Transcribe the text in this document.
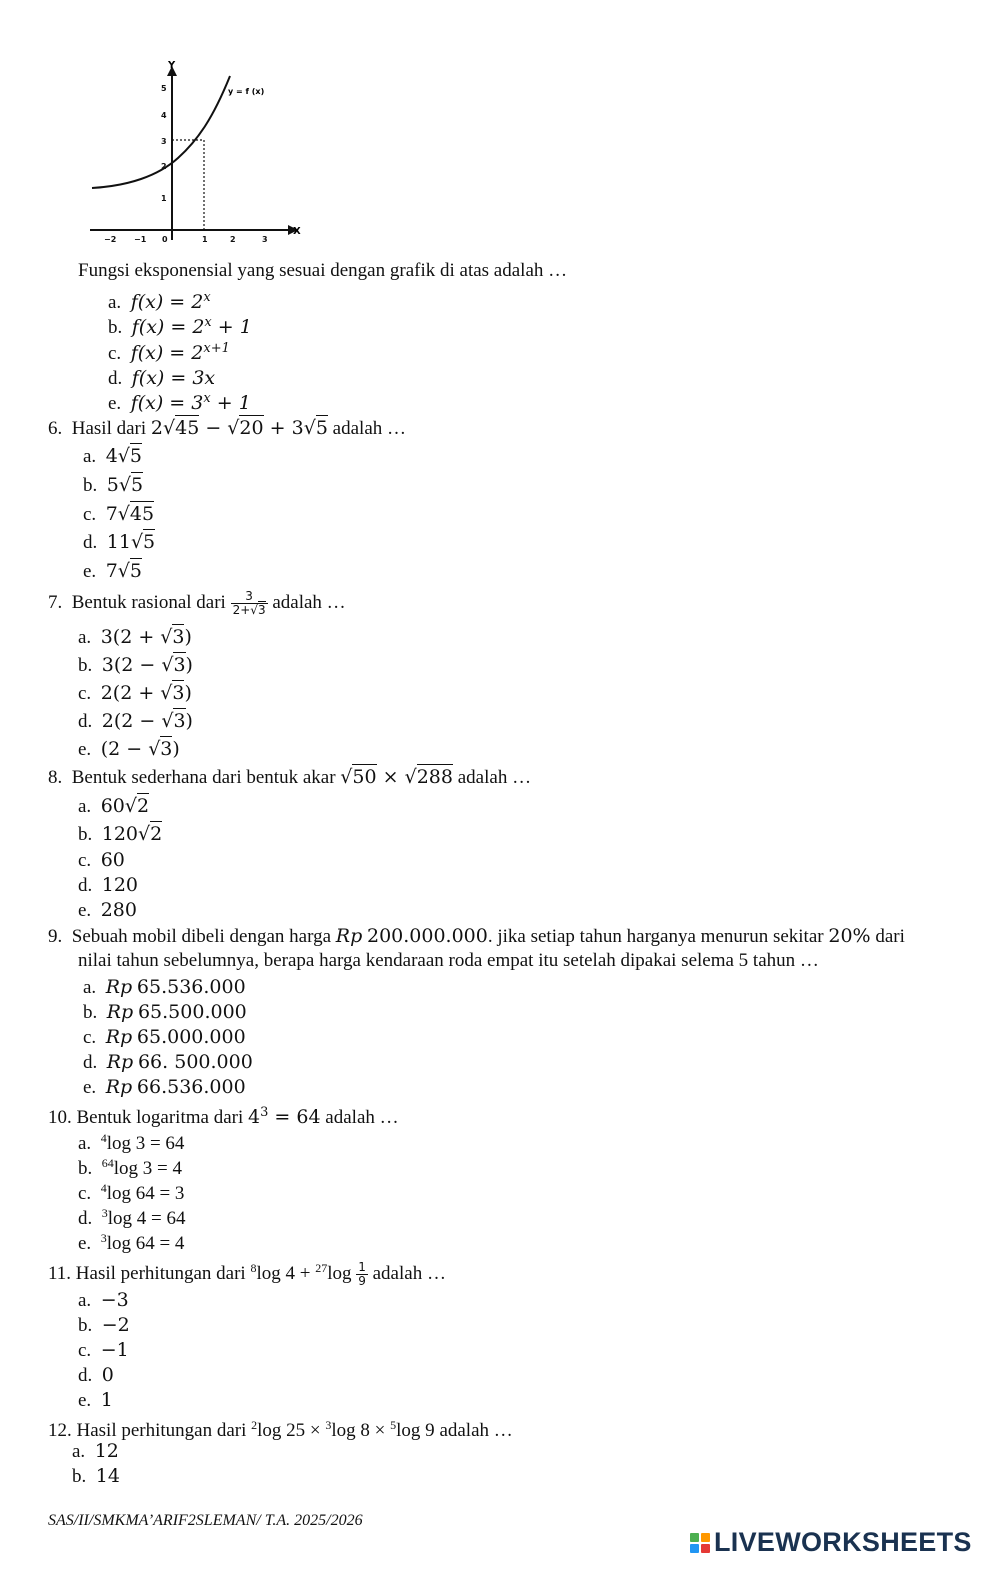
Y
X
y = f (x)
5
4
3
2
1
−2 −1 0	1	2	3
Fungsi eksponensial yang sesuai dengan grafik di atas adalah …
a. $f(x) = 2^x$
b. $f(x) = 2^x + 1$
c. $f(x) = 2^{x+1}$
d. f(x) = 3x
e. $f(x) = 3^x + 1$
6. Hasil dari 2√45 − √20 + 3√5 adalah …
a. 4√5
b. 5√5
c. 7√45
d. 11√5
e. 7√5
7. Bentuk rasional dari $\frac{3}{2+√3}$ adalah …
a. 3(2 + √3)
b. 3(2 − √3)
c. 2(2 + √3)
d. 2(2 − √3)
e. (2 − √3)
8. Bentuk sederhana dari bentuk akar √50 × √288 adalah …
a. 60√2
b. 120√2
c. 60
d. 120
e. 280
9. Sebuah mobil dibeli dengan harga Rp 200.000.000. jika setiap tahun harganya menurun sekitar 20% dari
nilai tahun sebelumnya, berapa harga kendaraan roda empat itu setelah dipakai selema 5 tahun …
a. Rp 65.536.000
b. Rp 65.500.000
c. Rp 65.000.000
d. Rp 66. 500.000
e. Rp 66.536.000
10. Bentuk logaritma dari $4^3 = 64$ adalah …
a. $^4$log 3 = 64
b. $^{64}$log 3 = 4
c. $^4$log 64 = 3
d. $^3$log 4 = 64
e. $^3$log 64 = 4
11. Hasil perhitungan dari $^8$log $4 + ^{27}\log \frac{1}{9}$ adalah …
a. −3
b. −2
c. −1
d. 0
e. 1
12. Hasil perhitungan dari $^2$log 25 × $^3$log 8 × $^5$log 9 adalah …
a. 12
b. 14
SAS/II/SMKMA’ARIF2SLEMAN/ T.A. 2025/2026
LIVEWORKSHEETS
